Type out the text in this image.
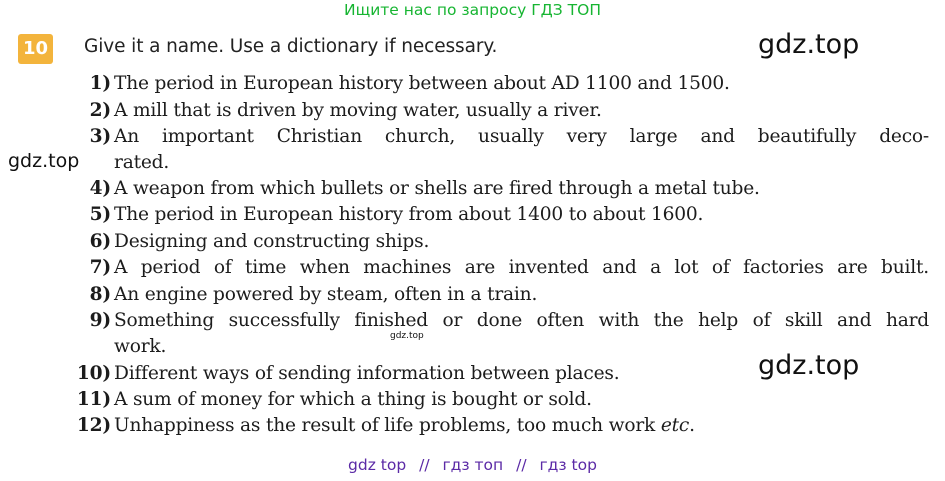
Ищите нас по запросу ГДЗ ТОП
10 Give it a name. Use a dictionary if necessary.	gdz.top
gdz.top
gdz.top
gdz.top
1) The period in European history between about AD 1100 and 1500.
2) A mill that is driven by moving water, usually a river.
3) An important Christian church, usually very large and beautifully deco-
rated.
4) A weapon from which bullets or shells are fired through a metal tube.
5) The period in European history from about 1400 to about 1600.
6) Designing and constructing ships.
7) A period of time when machines are invented and a lot of factories are built.
8) An engine powered by steam, often in a train.
9) Something successfully finished or done often with the help of skill and hard
work.
10) Different ways of sending information between places.
11) A sum of money for which a thing is bought or sold.
12) Unhappiness as the result of life problems, too much work etc.
gdz top // гдз топ // гдз top
